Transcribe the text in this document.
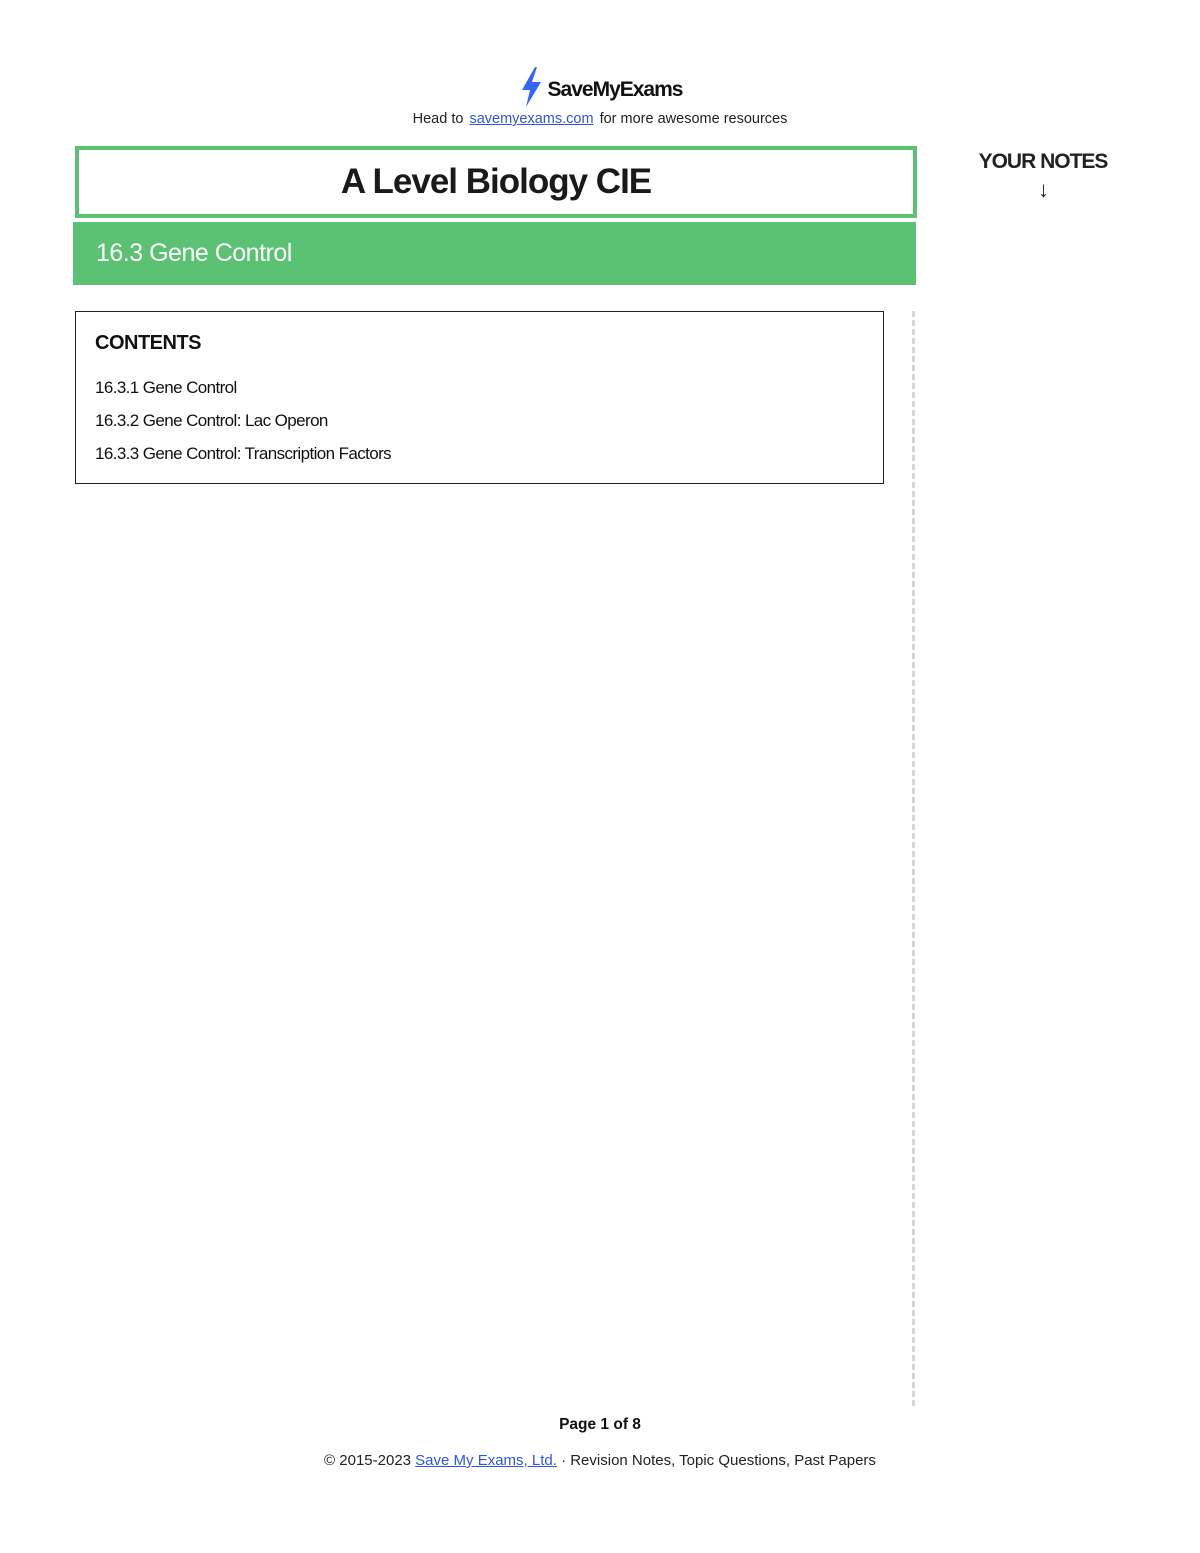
SaveMyExams
Head to savemyexams.com for more awesome resources
A Level Biology CIE
16.3 Gene Control
YOUR NOTES
↓
CONTENTS
16.3.1 Gene Control
16.3.2 Gene Control: Lac Operon
16.3.3 Gene Control: Transcription Factors
Page 1 of 8
© 2015-2023 Save My Exams, Ltd. · Revision Notes, Topic Questions, Past Papers
